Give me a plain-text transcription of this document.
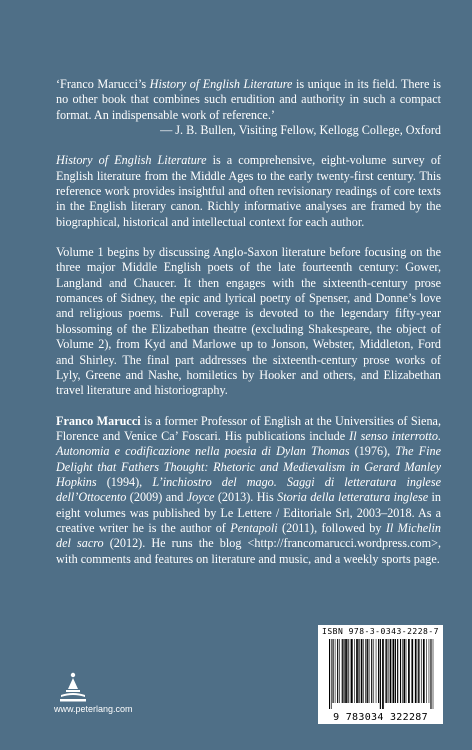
‘Franco Marucci’s History of English Literature is unique in its field. There is no other book that combines such erudition and authority in such a compact format. An indispensable work of reference.’

— J. B. Bullen, Visiting Fellow, Kellogg College, Oxford

History of English Literature is a comprehensive, eight-volume survey of English literature from the Middle Ages to the early twenty-first century. This reference work provides insightful and often revisionary readings of core texts in the English literary canon. Richly informative analyses are framed by the biographical, historical and intellectual context for each author.

Volume 1 begins by discussing Anglo-Saxon literature before focusing on the three major Middle English poets of the late fourteenth century: Gower, Langland and Chaucer. It then engages with the sixteenth-century prose romances of Sidney, the epic and lyrical poetry of Spenser, and Donne’s love and religious poems. Full coverage is devoted to the legendary fifty-year blossoming of the Elizabethan theatre (excluding Shakespeare, the object of Volume 2), from Kyd and Marlowe up to Jonson, Webster, Middleton, Ford and Shirley. The final part addresses the sixteenth-century prose works of Lyly, Greene and Nashe, homiletics by Hooker and others, and Elizabethan travel literature and historiography.

Franco Marucci is a former Professor of English at the Universities of Siena, Florence and Venice Ca’ Foscari. His publications include Il senso interrotto. Autonomia e codificazione nella poesia di Dylan Thomas (1976), The Fine Delight that Fathers Thought: Rhetoric and Medievalism in Gerard Manley Hopkins (1994), L’inchiostro del mago. Saggi di letteratura inglese dell’Ottocento (2009) and Joyce (2013). His Storia della letteratura inglese in eight volumes was published by Le Lettere / Editoriale Srl, 2003–2018. As a creative writer he is the author of Pentapoli (2011), followed by Il Michelin del sacro (2012). He runs the blog <http://francomarucci.wordpress.com>, with comments and features on literature and music, and a weekly sports page.

www.peterlang.com
ISBN 978-3-0343-2228-7
9 783034 322287
